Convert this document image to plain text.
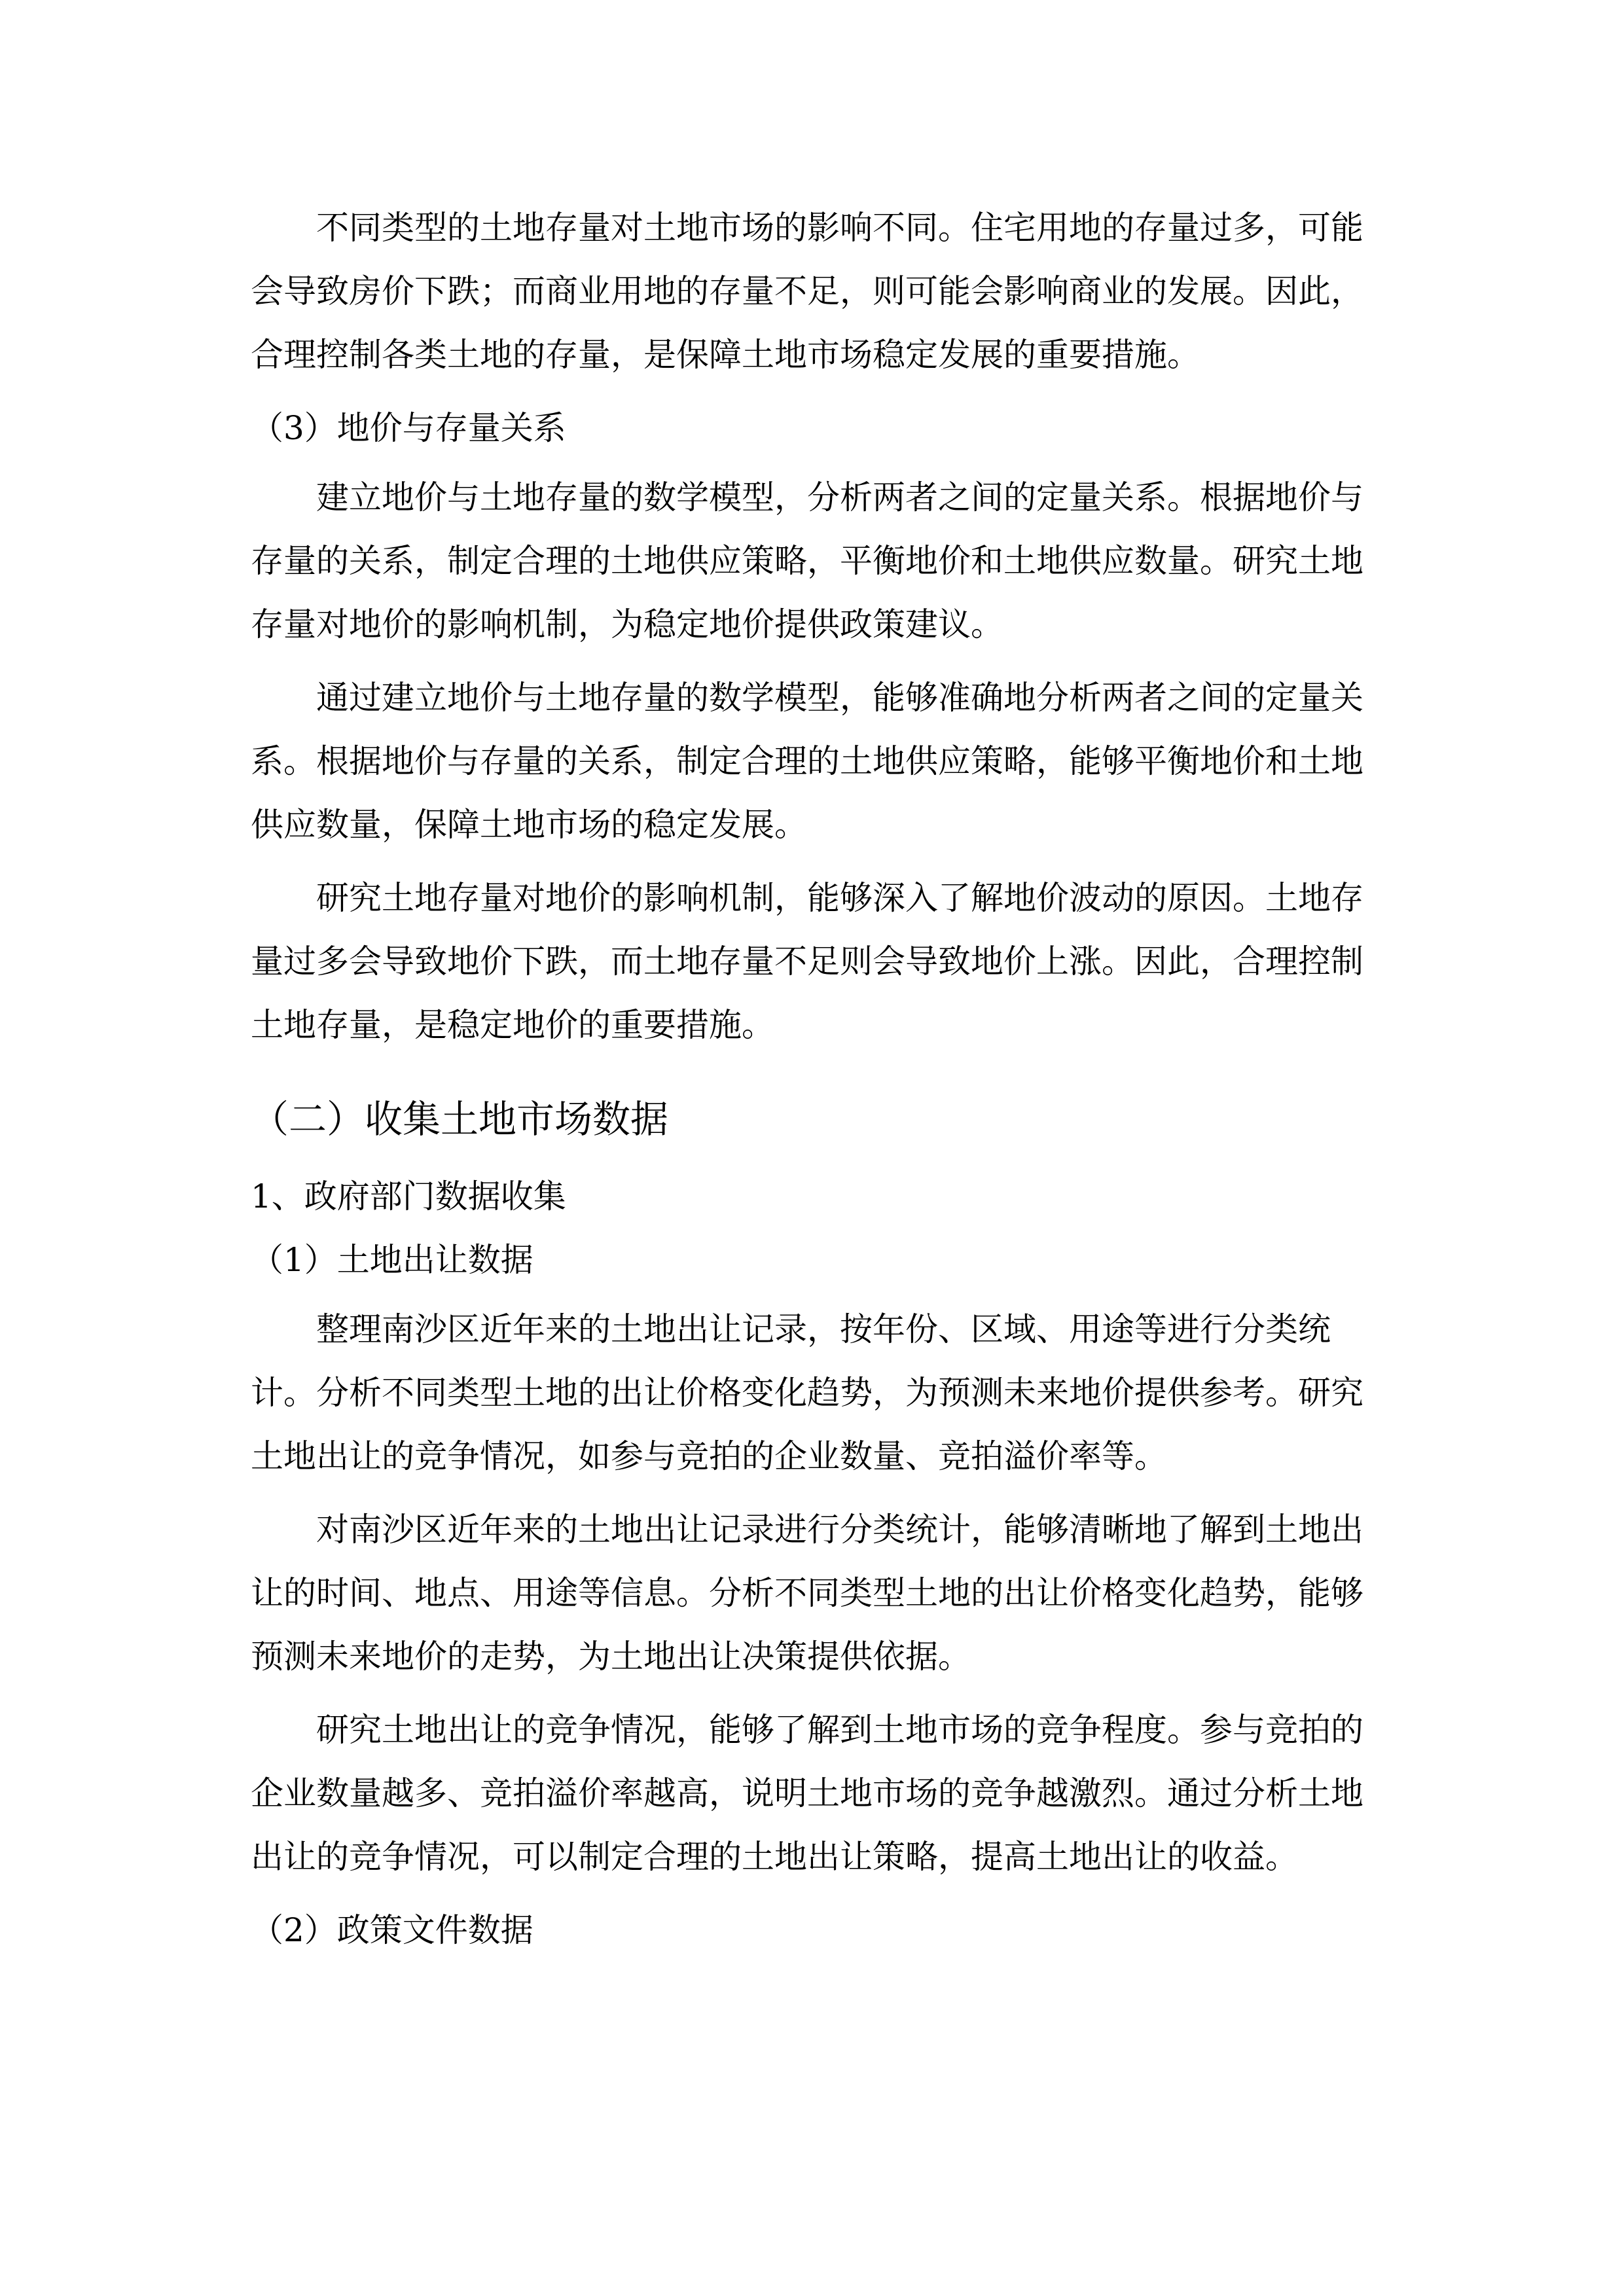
不同类型的土地存量对土地市场的影响不同。住宅用地的存量过多，可能
会导致房价下跌；而商业用地的存量不足，则可能会影响商业的发展。因此，
合理控制各类土地的存量，是保障土地市场稳定发展的重要措施。
（3）地价与存量关系
建立地价与土地存量的数学模型，分析两者之间的定量关系。根据地价与
存量的关系，制定合理的土地供应策略，平衡地价和土地供应数量。研究土地
存量对地价的影响机制，为稳定地价提供政策建议。
通过建立地价与土地存量的数学模型，能够准确地分析两者之间的定量关
系。根据地价与存量的关系，制定合理的土地供应策略，能够平衡地价和土地
供应数量，保障土地市场的稳定发展。
研究土地存量对地价的影响机制，能够深入了解地价波动的原因。土地存
量过多会导致地价下跌，而土地存量不足则会导致地价上涨。因此，合理控制
土地存量，是稳定地价的重要措施。
（二）收集土地市场数据
1、政府部门数据收集
（1）土地出让数据
整理南沙区近年来的土地出让记录，按年份、区域、用途等进行分类统
计。分析不同类型土地的出让价格变化趋势，为预测未来地价提供参考。研究
土地出让的竞争情况，如参与竞拍的企业数量、竞拍溢价率等。
对南沙区近年来的土地出让记录进行分类统计，能够清晰地了解到土地出
让的时间、地点、用途等信息。分析不同类型土地的出让价格变化趋势，能够
预测未来地价的走势，为土地出让决策提供依据。
研究土地出让的竞争情况，能够了解到土地市场的竞争程度。参与竞拍的
企业数量越多、竞拍溢价率越高，说明土地市场的竞争越激烈。通过分析土地
出让的竞争情况，可以制定合理的土地出让策略，提高土地出让的收益。
（2）政策文件数据
